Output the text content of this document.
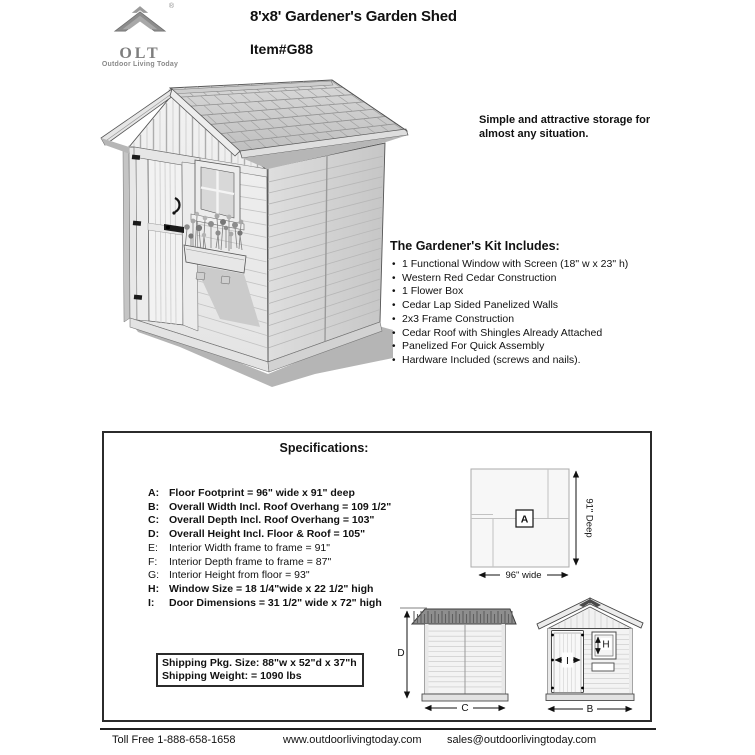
®
OLT
Outdoor Living Today
8'x8' Gardener's Garden Shed
Item#G88
Simple and attractive storage for almost any situation.
The Gardener's Kit Includes:
• 1 Functional Window with Screen (18" w x 23" h)
• Western Red Cedar Construction
• 1 Flower Box
• Cedar Lap Sided Panelized Walls
• 2x3 Frame Construction
• Cedar Roof with Shingles Already Attached
• Panelized For Quick Assembly
• Hardware Included (screws and nails).
Specifications:
A: Floor Footprint = 96" wide x 91" deep
B: Overall Width Incl. Roof Overhang = 109 1/2"
C: Overall Depth Incl. Roof Overhang = 103"
D: Overall Height Incl. Floor & Roof = 105"
E: Interior Width frame to frame = 91"
F: Interior Depth frame to frame = 87"
G: Interior Height from floor = 93"
H: Window Size = 18 1/4"wide x 22 1/2" high
I: Door Dimensions = 31 1/2" wide x 72" high
Shipping Pkg. Size: 88"w x 52"d x 37"h
Shipping Weight: = 1090 lbs
A	91" Deep
96" wide
D
C
I
H
B
Toll Free 1-888-658-1658	www.outdoorlivingtoday.com sales@outdoorlivingtoday.com
